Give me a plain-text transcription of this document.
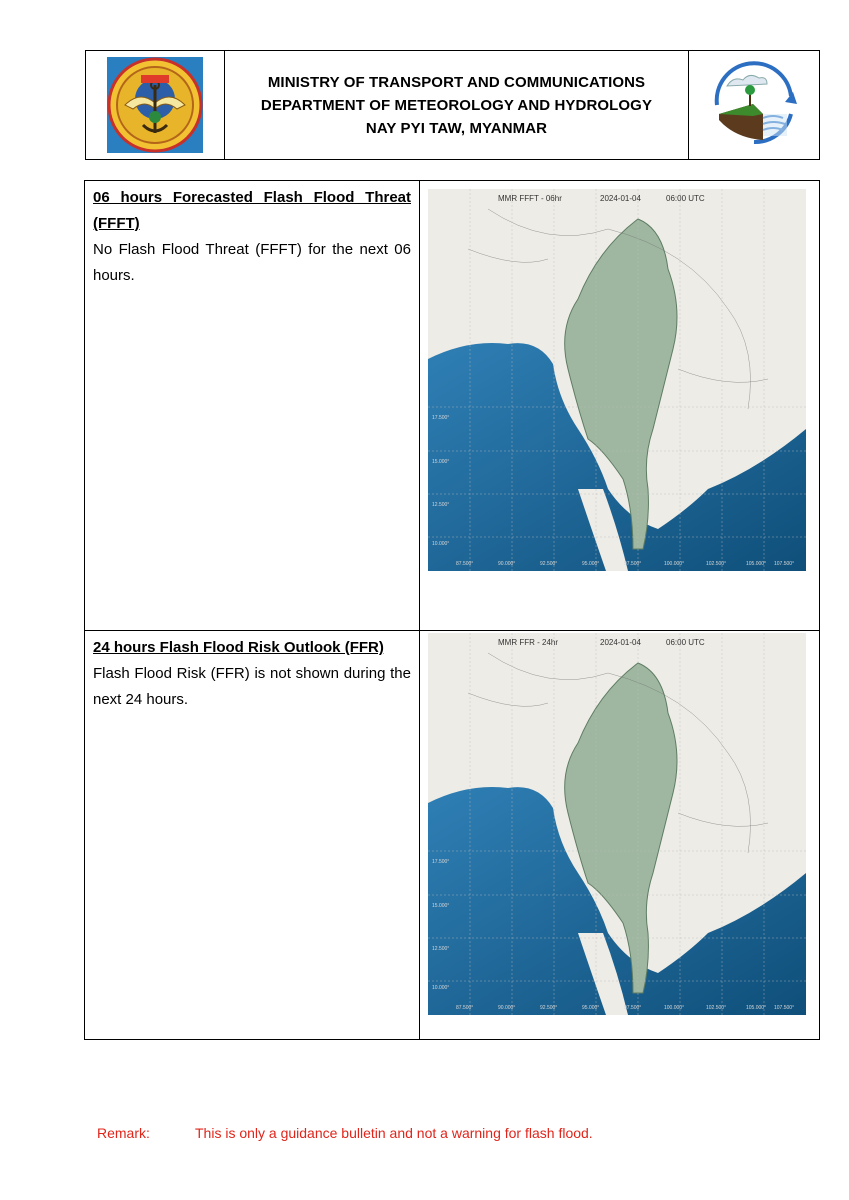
MINISTRY OF TRANSPORT AND COMMUNICATIONS
DEPARTMENT OF METEOROLOGY AND HYDROLOGY
NAY PYI TAW, MYANMAR
06 hours Forecasted Flash Flood Threat (FFFT)
No Flash Flood Threat (FFFT) for the next 06 hours.
17.500°
15.000°
12.500°
10.000°
87.500°	90.000°	92.500°	95.000°	97.500°	100.000°	102.500°	105.000° 107.500°
MMR FFFT - 06hr	2024-01-04	06:00 UTC
24 hours Flash Flood Risk Outlook (FFR)
Flash Flood Risk (FFR) is not shown during the next 24 hours.
17.500°
15.000°
12.500°
10.000°
87.500°	90.000°	92.500°	95.000°	97.500°	100.000°	102.500°	105.000° 107.500°
MMR FFR - 24hr	2024-01-04	06:00 UTC
Remark:	This is only a guidance bulletin and not a warning for flash flood.
